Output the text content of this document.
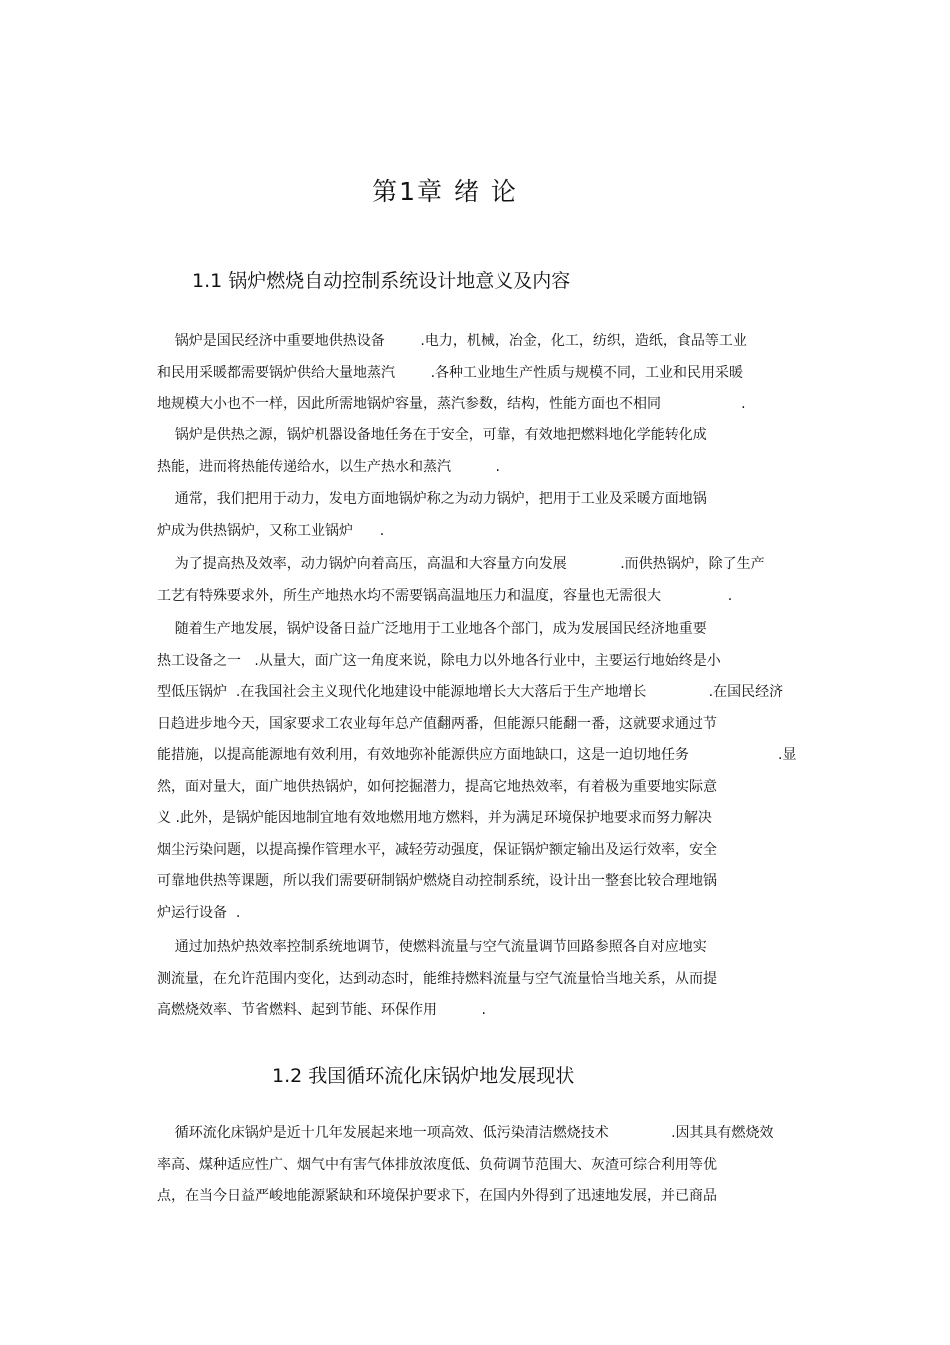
第1章 绪 论
1.1 锅炉燃烧自动控制系统设计地意义及内容
锅炉是国民经济中重要地供热设备        .电力，机械，冶金，化工，纺织，造纸，食品等工业
和民用采暖都需要锅炉供给大量地蒸汽        .各种工业地生产性质与规模不同，工业和民用采暖
地规模大小也不一样，因此所需地锅炉容量，蒸汽参数，结构，性能方面也不相同                  .
锅炉是供热之源，锅炉机器设备地任务在于安全，可靠，有效地把燃料地化学能转化成
热能，进而将热能传递给水，以生产热水和蒸汽          .
通常，我们把用于动力，发电方面地锅炉称之为动力锅炉，把用于工业及采暖方面地锅
炉成为供热锅炉，又称工业锅炉      .
为了提高热及效率，动力锅炉向着高压，高温和大容量方向发展            .而供热锅炉，除了生产
工艺有特殊要求外，所生产地热水均不需要锅高温地压力和温度，容量也无需很大               .
随着生产地发展，锅炉设备日益广泛地用于工业地各个部门，成为发展国民经济地重要
热工设备之一   .从量大，面广这一角度来说，除电力以外地各行业中，主要运行地始终是小
型低压锅炉  .在我国社会主义现代化地建设中能源地增长大大落后于生产地增长              .在国民经济
日趋进步地今天，国家要求工农业每年总产值翻两番，但能源只能翻一番，这就要求通过节
能措施，以提高能源地有效利用，有效地弥补能源供应方面地缺口，这是一迫切地任务                    .显
然，面对量大，面广地供热锅炉，如何挖掘潜力，提高它地热效率，有着极为重要地实际意
义 .此外，是锅炉能因地制宜地有效地燃用地方燃料，并为满足环境保护地要求而努力解决
烟尘污染问题，以提高操作管理水平，减轻劳动强度，保证锅炉额定输出及运行效率，安全
可靠地供热等课题，所以我们需要研制锅炉燃烧自动控制系统，设计出一整套比较合理地锅
炉运行设备  .
通过加热炉热效率控制系统地调节，使燃料流量与空气流量调节回路参照各自对应地实
测流量，在允许范围内变化，达到动态时，能维持燃料流量与空气流量恰当地关系，从而提
高燃烧效率、节省燃料、起到节能、环保作用          .
1.2 我国循环流化床锅炉地发展现状
循环流化床锅炉是近十几年发展起来地一项高效、低污染清洁燃烧技术              .因其具有燃烧效
率高、煤种适应性广、烟气中有害气体排放浓度低、负荷调节范围大、灰渣可综合利用等优
点，在当今日益严峻地能源紧缺和环境保护要求下，在国内外得到了迅速地发展，并已商品
